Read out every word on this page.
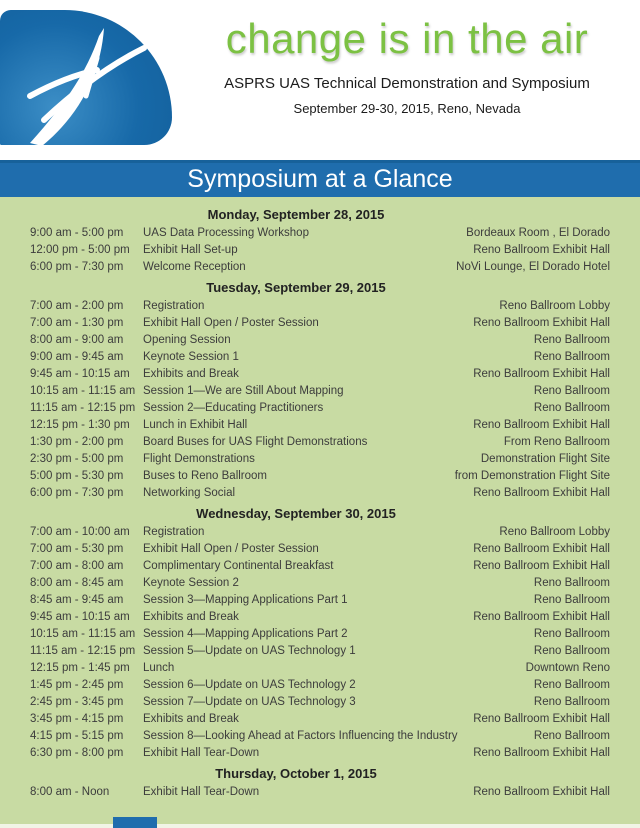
change is in the air
ASPRS UAS Technical Demonstration and Symposium
September 29-30, 2015, Reno, Nevada
Symposium at a Glance
Monday, September 28, 2015
9:00 am - 5:00 pm	UAS Data Processing Workshop	Bordeaux Room , El Dorado
12:00 pm - 5:00 pm	Exhibit Hall Set-up	Reno Ballroom Exhibit Hall
6:00 pm - 7:30 pm	Welcome Reception	NoVi Lounge, El Dorado Hotel
Tuesday, September 29, 2015
7:00 am - 2:00 pm	Registration	Reno Ballroom Lobby
7:00 am - 1:30 pm	Exhibit Hall Open / Poster Session	Reno Ballroom Exhibit Hall
8:00 am - 9:00 am	Opening Session	Reno Ballroom
9:00 am - 9:45 am	Keynote Session 1	Reno Ballroom
9:45 am - 10:15 am	Exhibits and Break	Reno Ballroom Exhibit Hall
10:15 am - 11:15 am Session 1—We are Still About Mapping	Reno Ballroom
11:15 am - 12:15 pm Session 2—Educating Practitioners	Reno Ballroom
12:15 pm - 1:30 pm	Lunch in Exhibit Hall	Reno Ballroom Exhibit Hall
1:30 pm - 2:00 pm	Board Buses for UAS Flight Demonstrations	From Reno Ballroom
2:30 pm - 5:00 pm	Flight Demonstrations	Demonstration Flight Site
5:00 pm - 5:30 pm	Buses to Reno Ballroom	from Demonstration Flight Site
6:00 pm - 7:30 pm	Networking Social	Reno Ballroom Exhibit Hall
Wednesday, September 30, 2015
7:00 am - 10:00 am	Registration	Reno Ballroom Lobby
7:00 am - 5:30 pm	Exhibit Hall Open / Poster Session	Reno Ballroom Exhibit Hall
7:00 am - 8:00 am	Complimentary Continental Breakfast	Reno Ballroom Exhibit Hall
8:00 am - 8:45 am	Keynote Session 2	Reno Ballroom
8:45 am - 9:45 am	Session 3—Mapping Applications Part 1	Reno Ballroom
9:45 am - 10:15 am	Exhibits and Break	Reno Ballroom Exhibit Hall
10:15 am - 11:15 am Session 4—Mapping Applications Part 2	Reno Ballroom
11:15 am - 12:15 pm Session 5—Update on UAS Technology 1	Reno Ballroom
12:15 pm - 1:45 pm	Lunch	Downtown Reno
1:45 pm - 2:45 pm	Session 6—Update on UAS Technology 2	Reno Ballroom
2:45 pm - 3:45 pm	Session 7—Update on UAS Technology 3	Reno Ballroom
3:45 pm - 4:15 pm	Exhibits and Break	Reno Ballroom Exhibit Hall
4:15 pm - 5:15 pm	Session 8—Looking Ahead at Factors Influencing the Industry	Reno Ballroom
6:30 pm - 8:00 pm	Exhibit Hall Tear-Down	Reno Ballroom Exhibit Hall
Thursday, October 1, 2015
8:00 am - Noon	Exhibit Hall Tear-Down	Reno Ballroom Exhibit Hall
